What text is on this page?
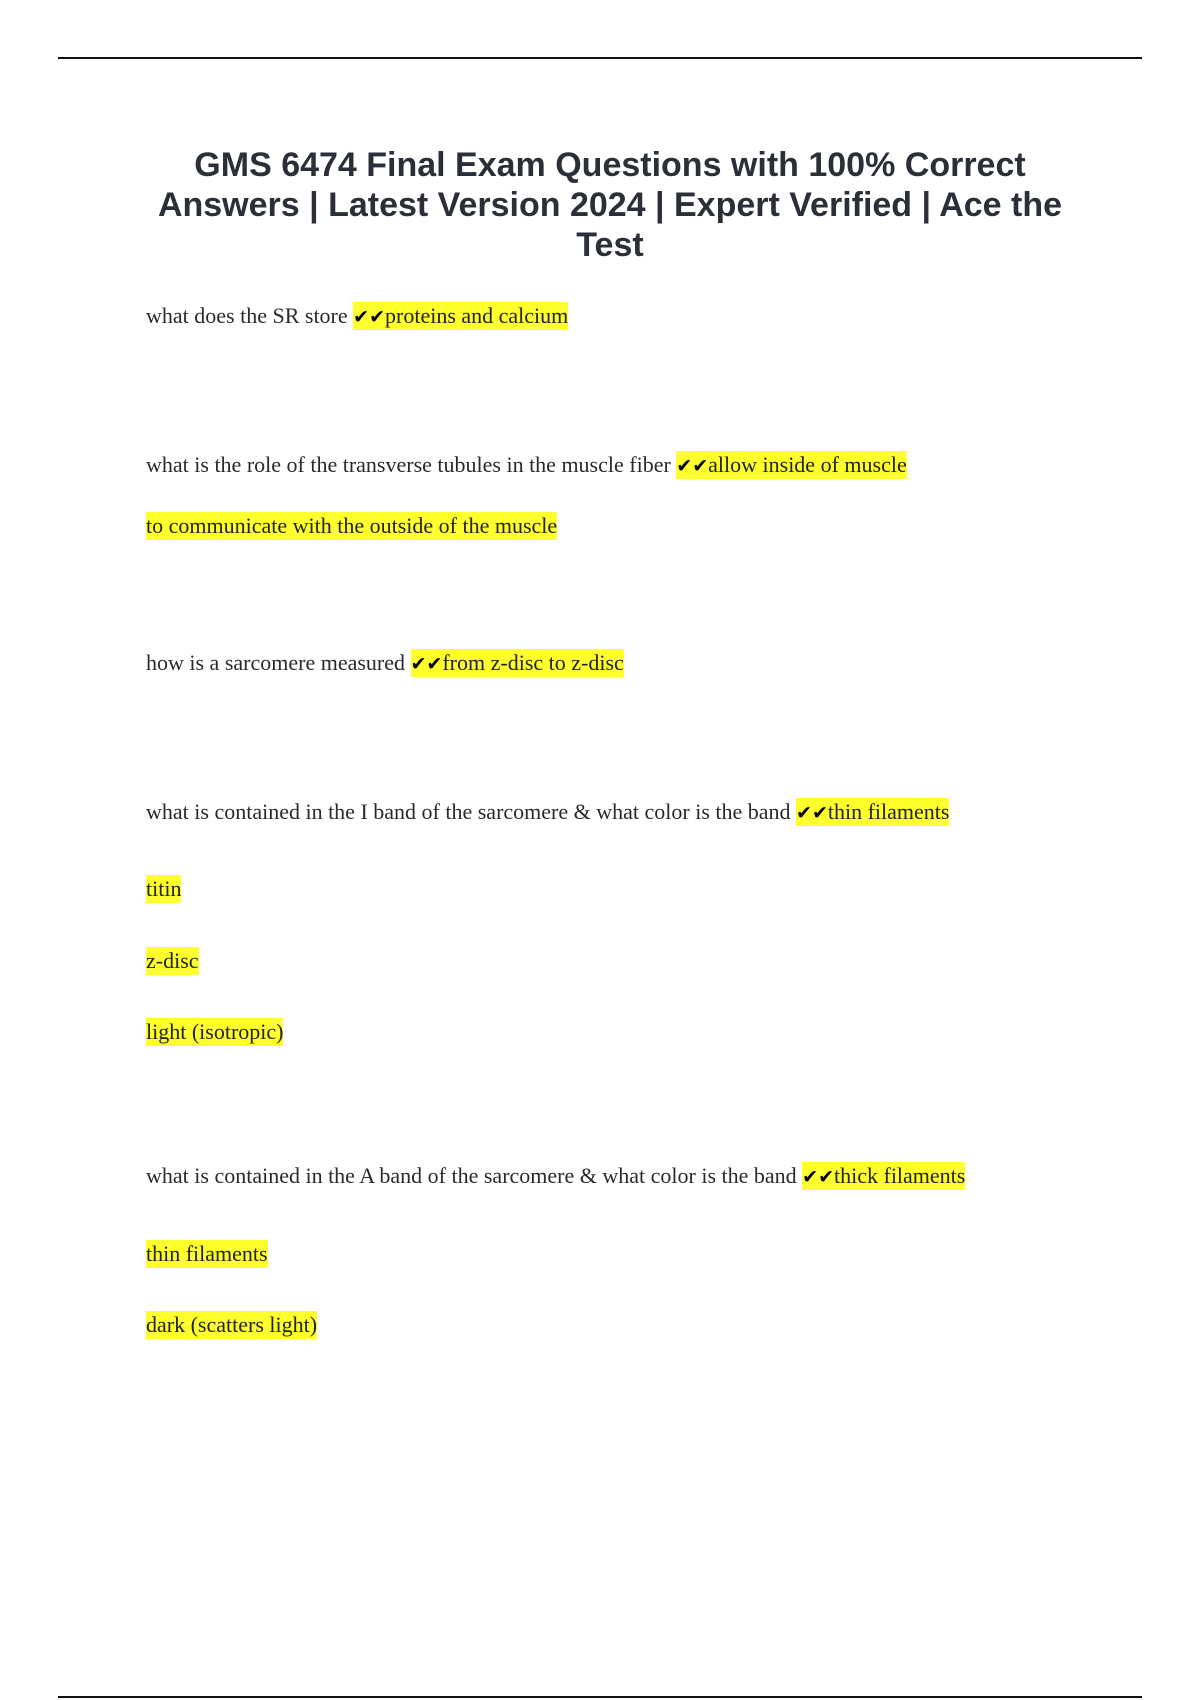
GMS 6474 Final Exam Questions with 100% Correct Answers | Latest Version 2024 | Expert Verified | Ace the Test
what does the SR store ✔✔proteins and calcium
what is the role of the transverse tubules in the muscle fiber ✔✔allow inside of muscle
to communicate with the outside of the muscle
how is a sarcomere measured ✔✔from z-disc to z-disc
what is contained in the I band of the sarcomere & what color is the band ✔✔thin filaments
titin
z-disc
light (isotropic)
what is contained in the A band of the sarcomere & what color is the band ✔✔thick filaments
thin filaments
dark (scatters light)
